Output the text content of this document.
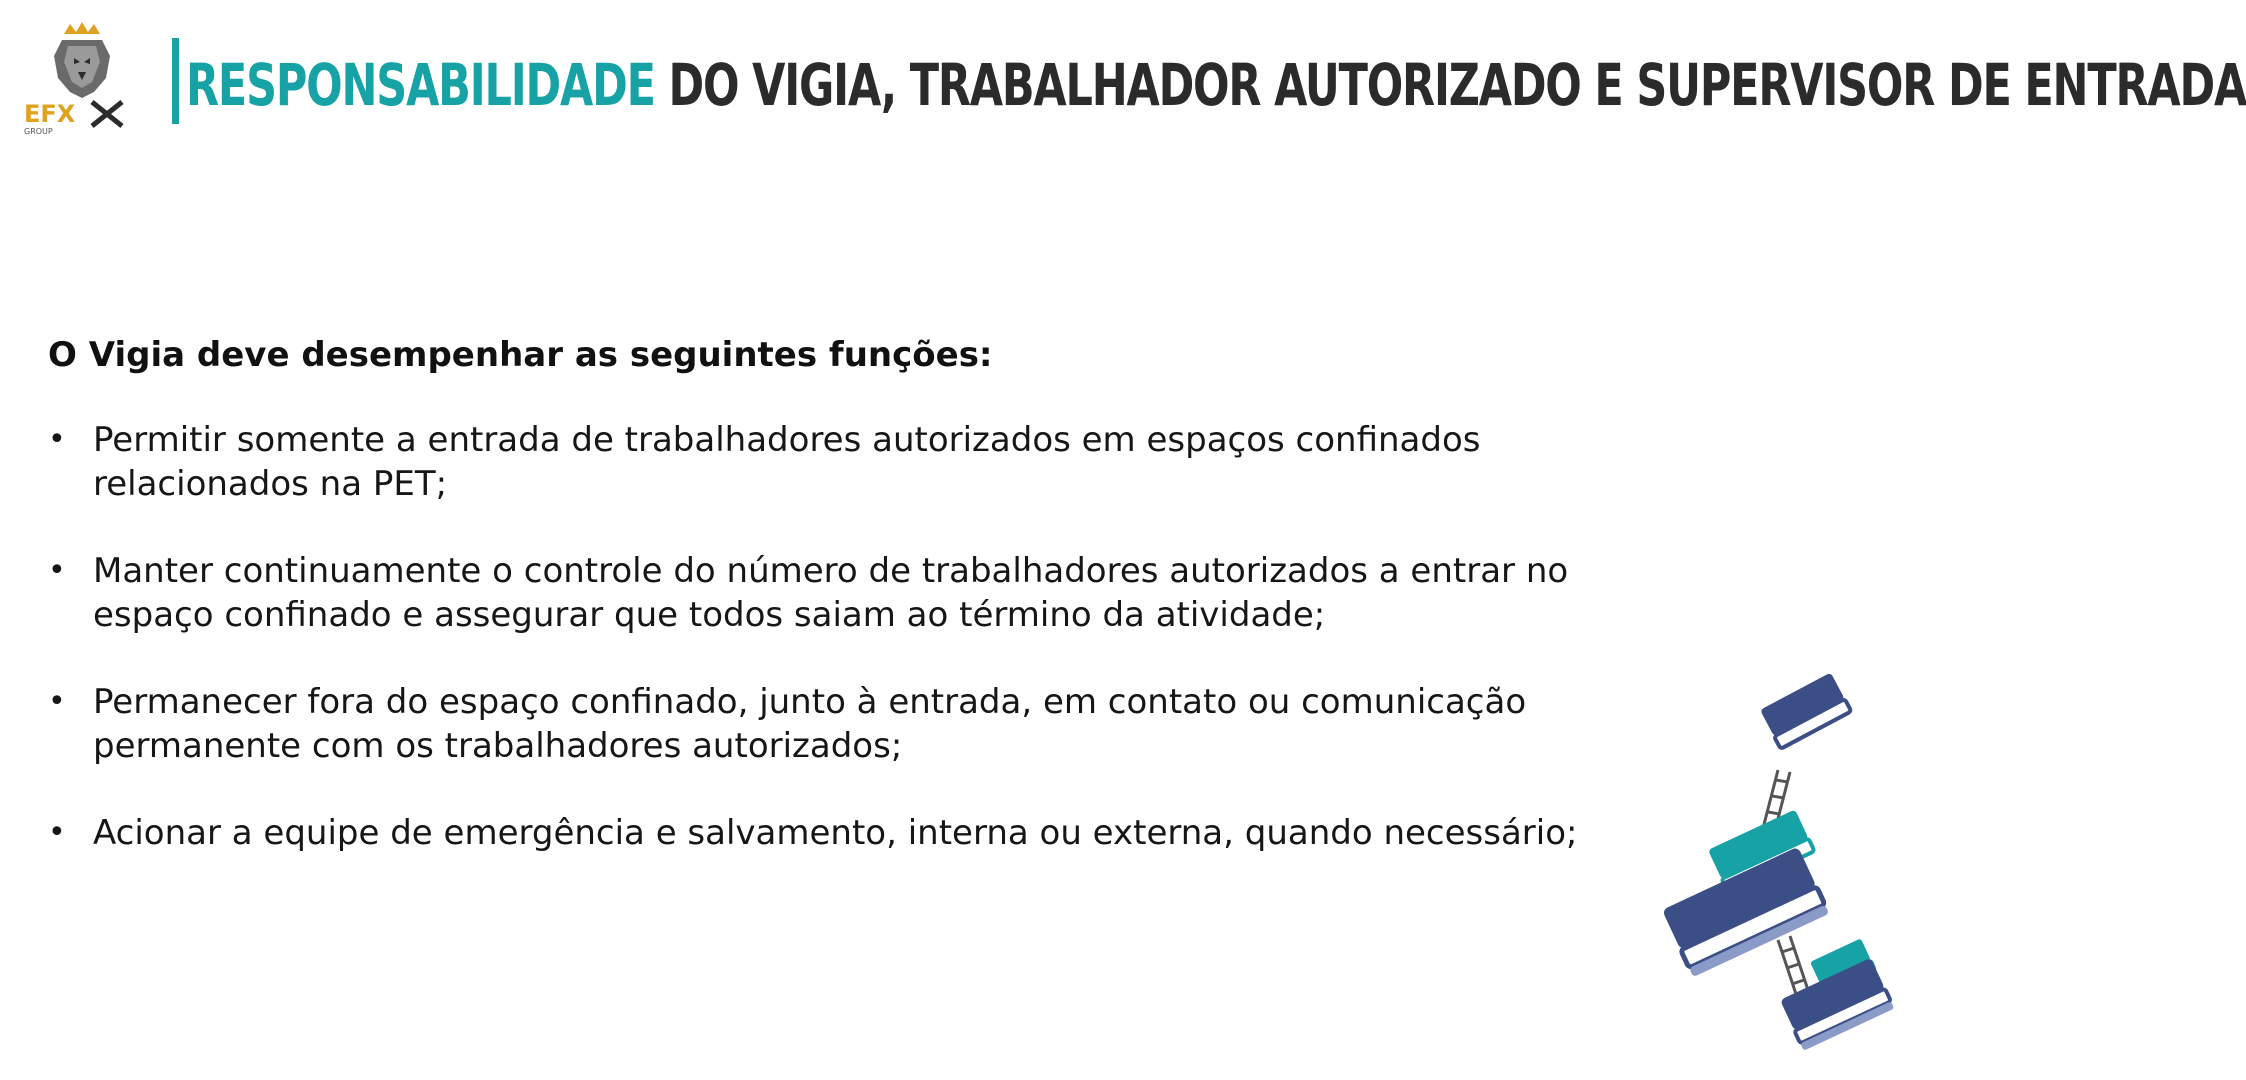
EFX
GROUP
RESPONSABILIDADE DO VIGIA, TRABALHADOR AUTORIZADO E SUPERVISOR DE ENTRADA

O Vigia deve desempenhar as seguintes funções:

• Permitir somente a entrada de trabalhadores autorizados em espaços confinados relacionados na PET;
• Manter continuamente o controle do número de trabalhadores autorizados a entrar no espaço confinado e assegurar que todos saiam ao término da atividade;
• Permanecer fora do espaço confinado, junto à entrada, em contato ou comunicação permanente com os trabalhadores autorizados;
• Acionar a equipe de emergência e salvamento, interna ou externa, quando necessário;
